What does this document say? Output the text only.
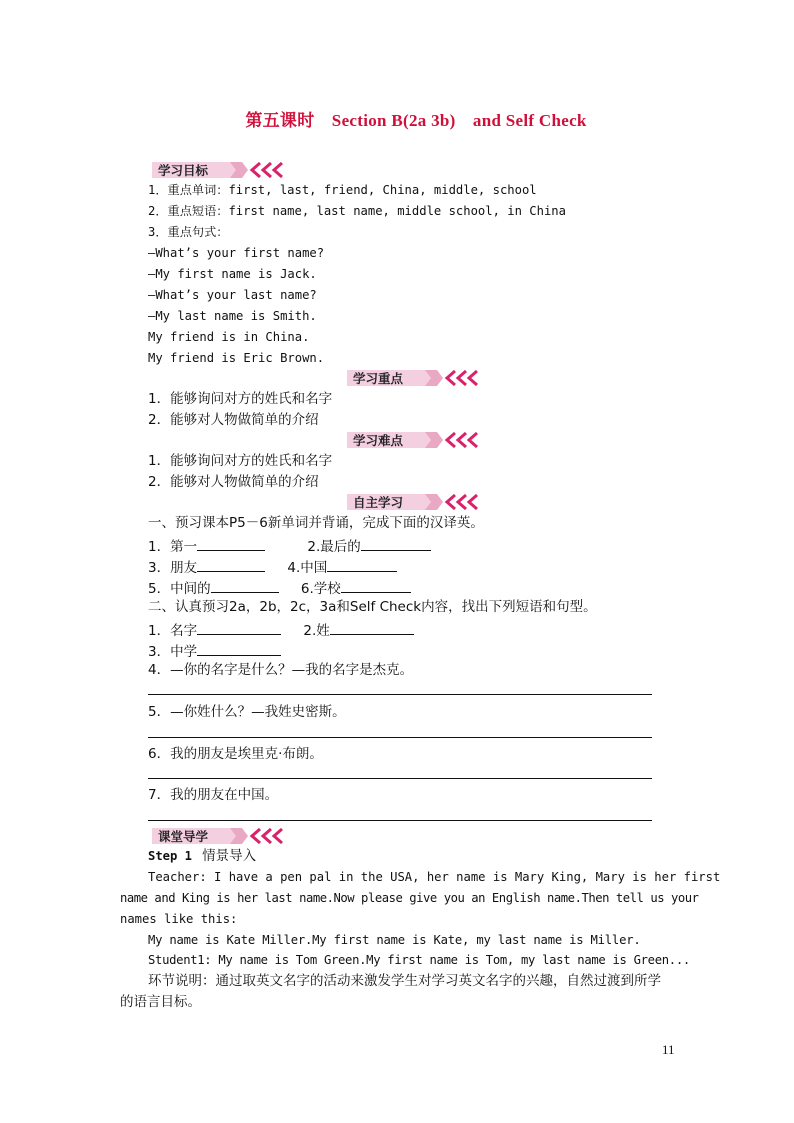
第五课时　Section B(2a 3b)　and Self Check
学习目标
1．重点单词：first, last, friend, China, middle, school
2．重点短语：first name, last name, middle school, in China
3．重点句式：
—What’s your first name?
—My first name is Jack.
—What’s your last name?
—My last name is Smith.
My friend is in China.
My friend is Eric Brown.
学习重点
1．能够询问对方的姓氏和名字
2．能够对人物做简单的介绍
学习难点
1．能够询问对方的姓氏和名字
2．能够对人物做简单的介绍
自主学习
一、预习课本P5－6新单词并背诵，完成下面的汉译英。
1．第一	2.最后的
3．朋友	4.中国
5．中间的	6.学校
二、认真预习2a，2b，2c，3a和Self Check内容，找出下列短语和句型。
1．名字	2.姓
3．中学
4．—你的名字是什么？—我的名字是杰克。
5．—你姓什么？—我姓史密斯。
6．我的朋友是埃里克·布朗。
7．我的朋友在中国。
课堂导学
Step 1 情景导入
Teacher: I have a pen pal in the USA, her name is Mary King, Mary is her first
name and King is her last name.Now please give you an English name.Then tell us your
names like this:
My name is Kate Miller.My first name is Kate, my last name is Miller.
Student1: My name is Tom Green.My first name is Tom, my last name is Green...
环节说明：通过取英文名字的活动来激发学生对学习英文名字的兴趣，自然过渡到所学
的语言目标。
11
